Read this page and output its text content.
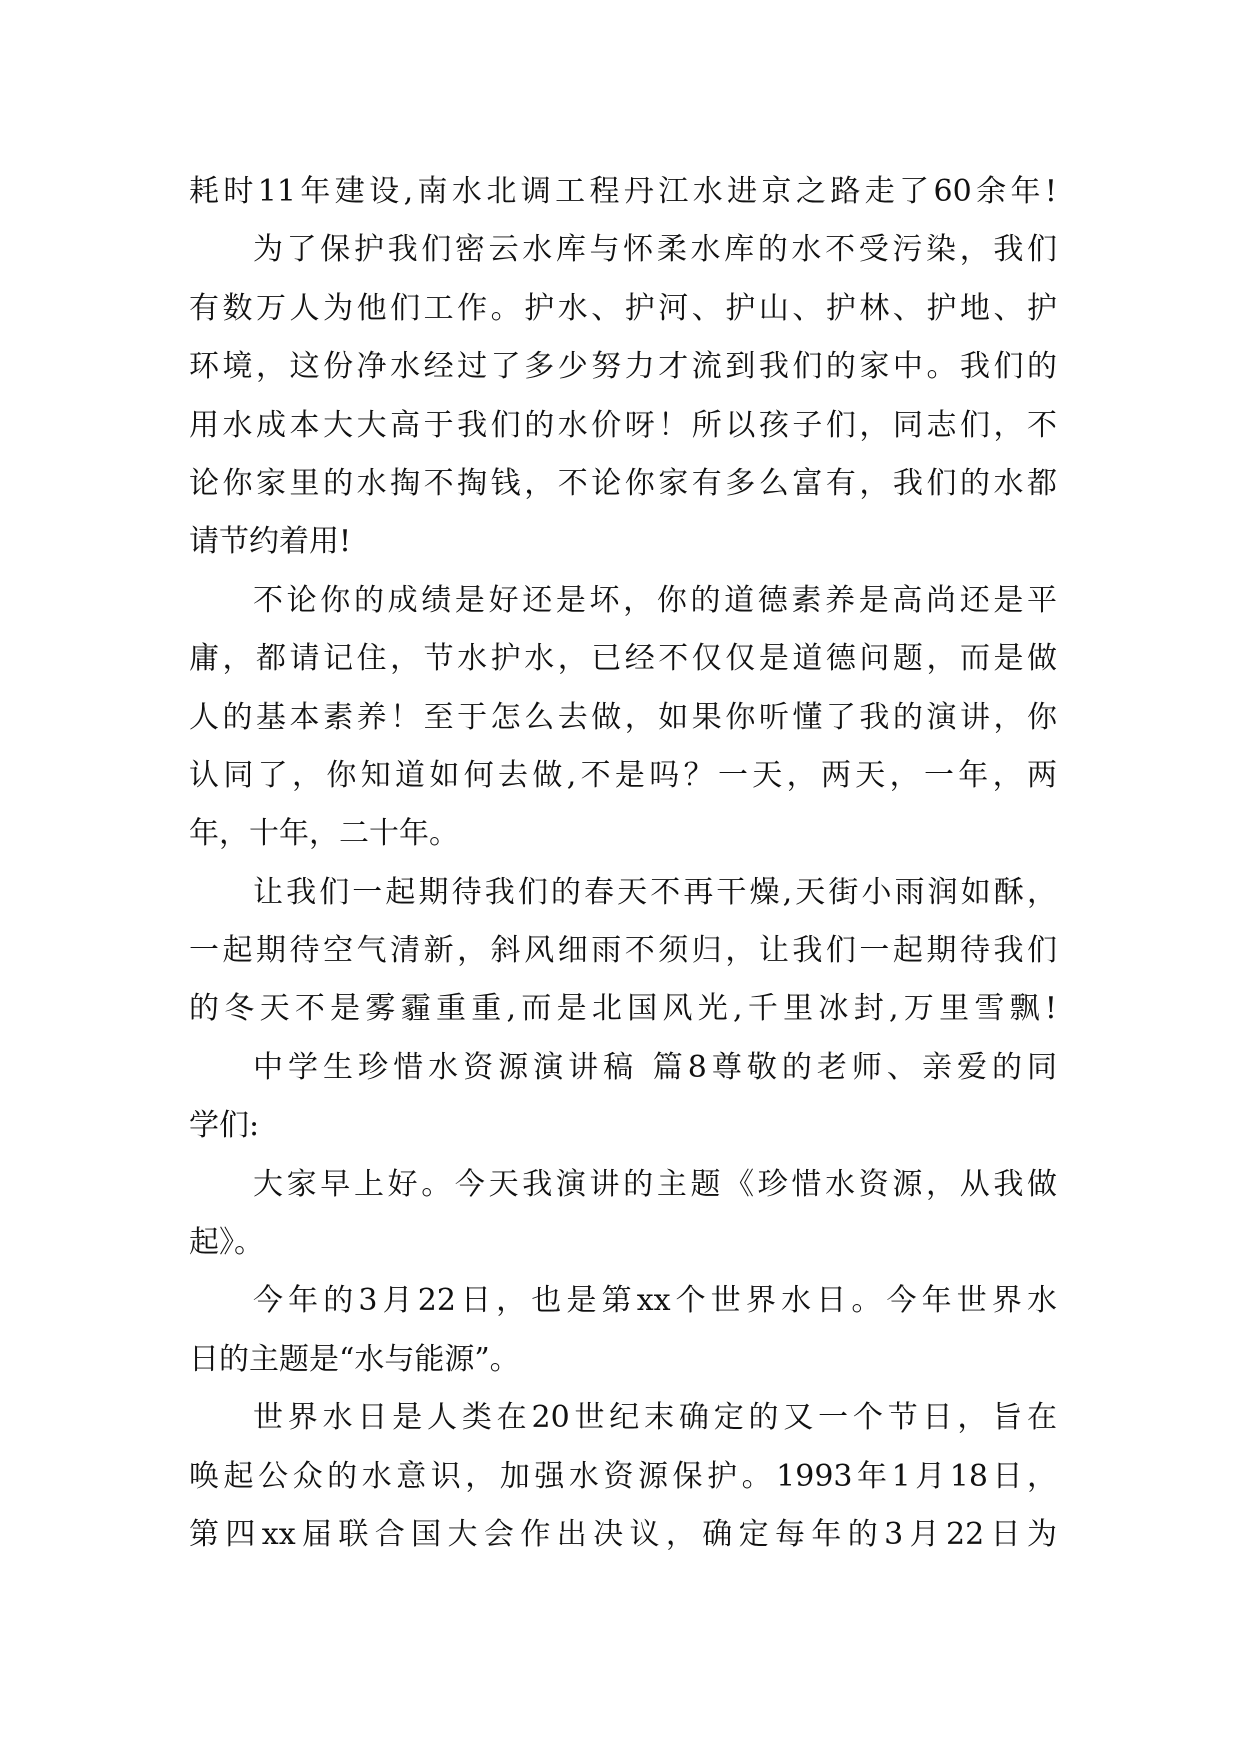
耗时11年建设,南水北调工程丹江水进京之路走了60余年!
为了保护我们密云水库与怀柔水库的水不受污染，我们
有数万人为他们工作。护水、护河、护山、护林、护地、护
环境，这份净水经过了多少努力才流到我们的家中。我们的
用水成本大大高于我们的水价呀！所以孩子们，同志们，不
论你家里的水掏不掏钱，不论你家有多么富有，我们的水都
请节约着用!
不论你的成绩是好还是坏，你的道德素养是高尚还是平
庸，都请记住，节水护水，已经不仅仅是道德问题，而是做
人的基本素养！至于怎么去做，如果你听懂了我的演讲，你
认同了，你知道如何去做,不是吗？一天，两天，一年，两
年，十年，二十年。
让我们一起期待我们的春天不再干燥,天街小雨润如酥，
一起期待空气清新，斜风细雨不须归，让我们一起期待我们
的冬天不是雾霾重重,而是北国风光,千里冰封,万里雪飘!
中学生珍惜水资源演讲稿 篇8尊敬的老师、亲爱的同
学们:
大家早上好。今天我演讲的主题《珍惜水资源，从我做
起》。
今年的3月22日，也是第xx个世界水日。今年世界水
日的主题是“水与能源”。
世界水日是人类在20世纪末确定的又一个节日，旨在
唤起公众的水意识，加强水资源保护。1993年1月18日，
第四xx届联合国大会作出决议，确定每年的3月22日为
